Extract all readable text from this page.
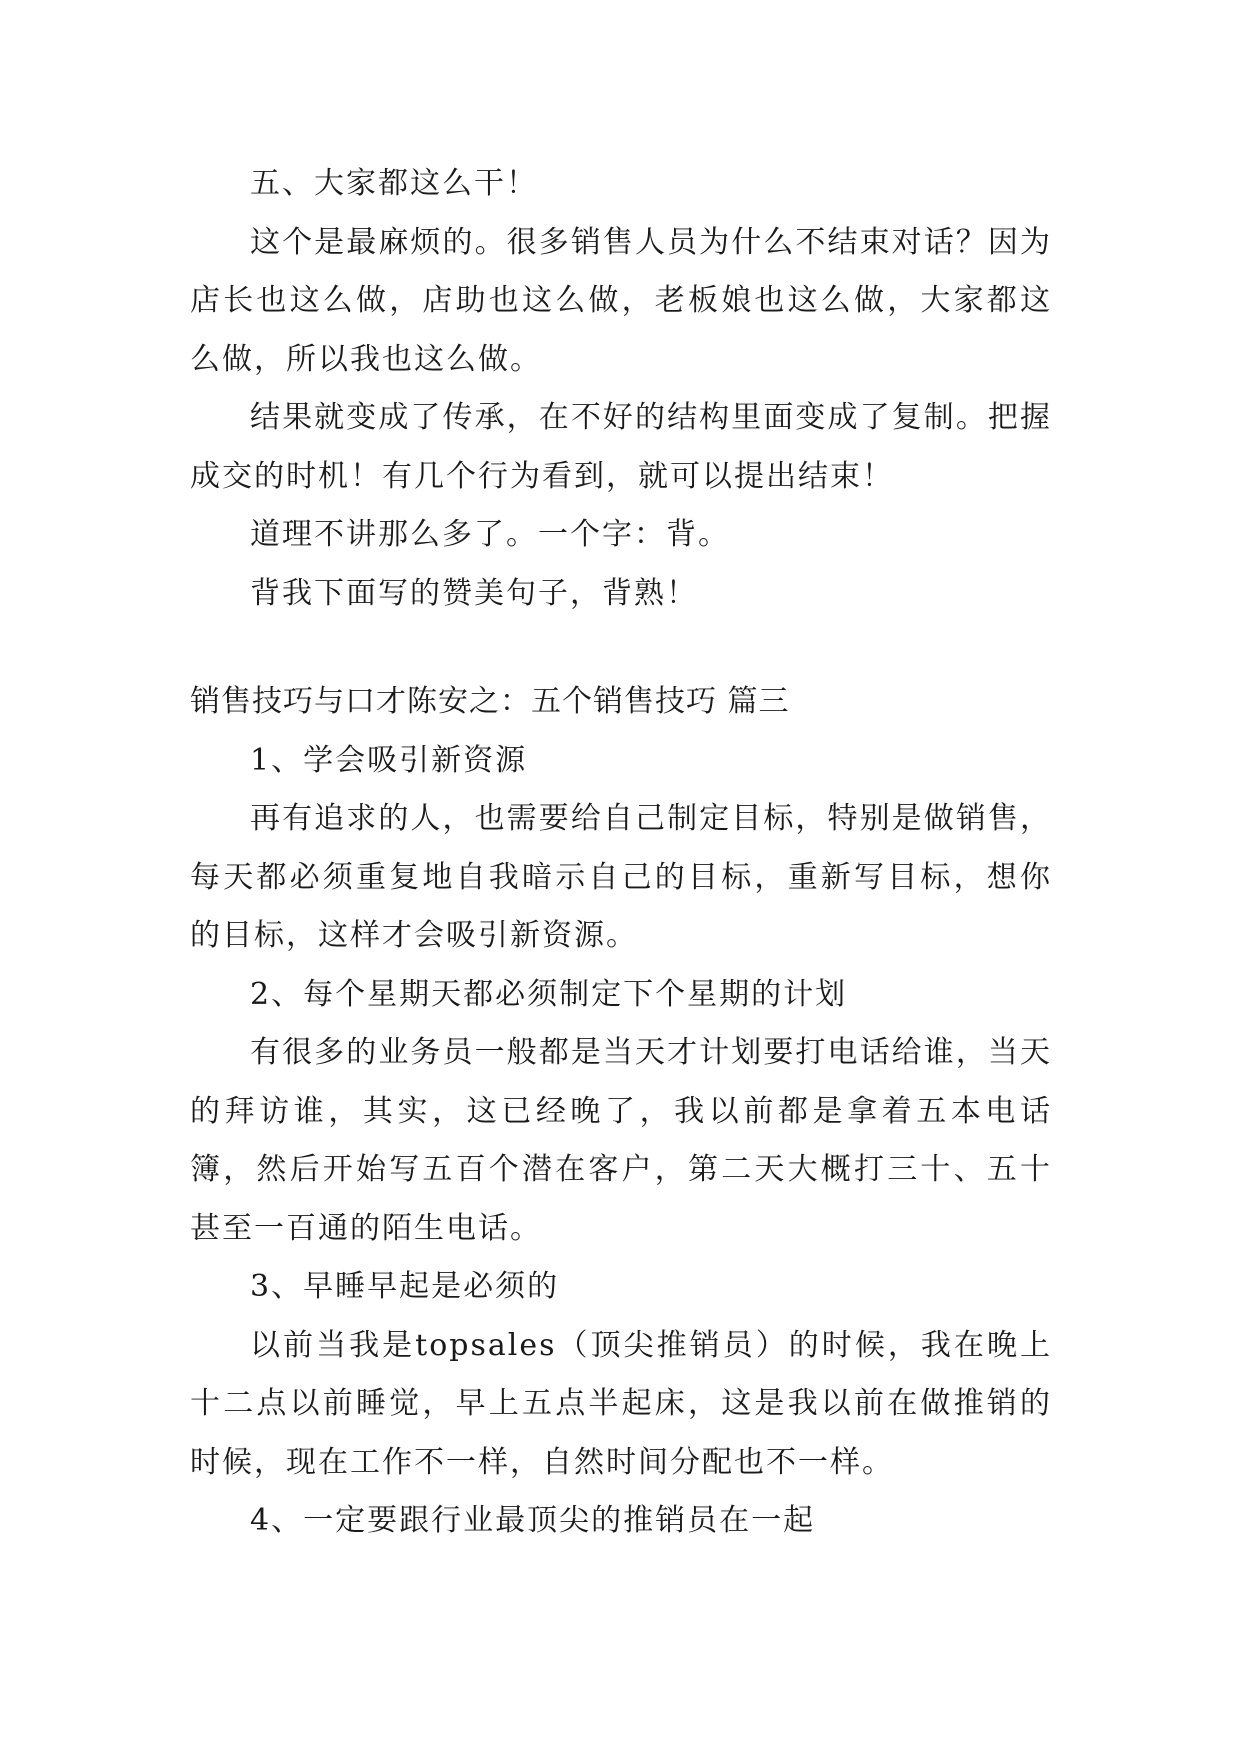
五、大家都这么干！

这个是最麻烦的。很多销售人员为什么不结束对话？因为店长也这么做，店助也这么做，老板娘也这么做，大家都这么做，所以我也这么做。

结果就变成了传承，在不好的结构里面变成了复制。把握成交的时机！有几个行为看到，就可以提出结束！

道理不讲那么多了。一个字：背。

背我下面写的赞美句子，背熟！

销售技巧与口才陈安之：五个销售技巧 篇三

1、学会吸引新资源

再有追求的人，也需要给自己制定目标，特别是做销售，每天都必须重复地自我暗示自己的目标，重新写目标，想你的目标，这样才会吸引新资源。

2、每个星期天都必须制定下个星期的计划

有很多的业务员一般都是当天才计划要打电话给谁，当天的拜访谁，其实，这已经晚了，我以前都是拿着五本电话簿，然后开始写五百个潜在客户，第二天大概打三十、五十甚至一百通的陌生电话。

3、早睡早起是必须的

以前当我是topsales（顶尖推销员）的时候，我在晚上十二点以前睡觉，早上五点半起床，这是我以前在做推销的时候，现在工作不一样，自然时间分配也不一样。

4、一定要跟行业最顶尖的推销员在一起
